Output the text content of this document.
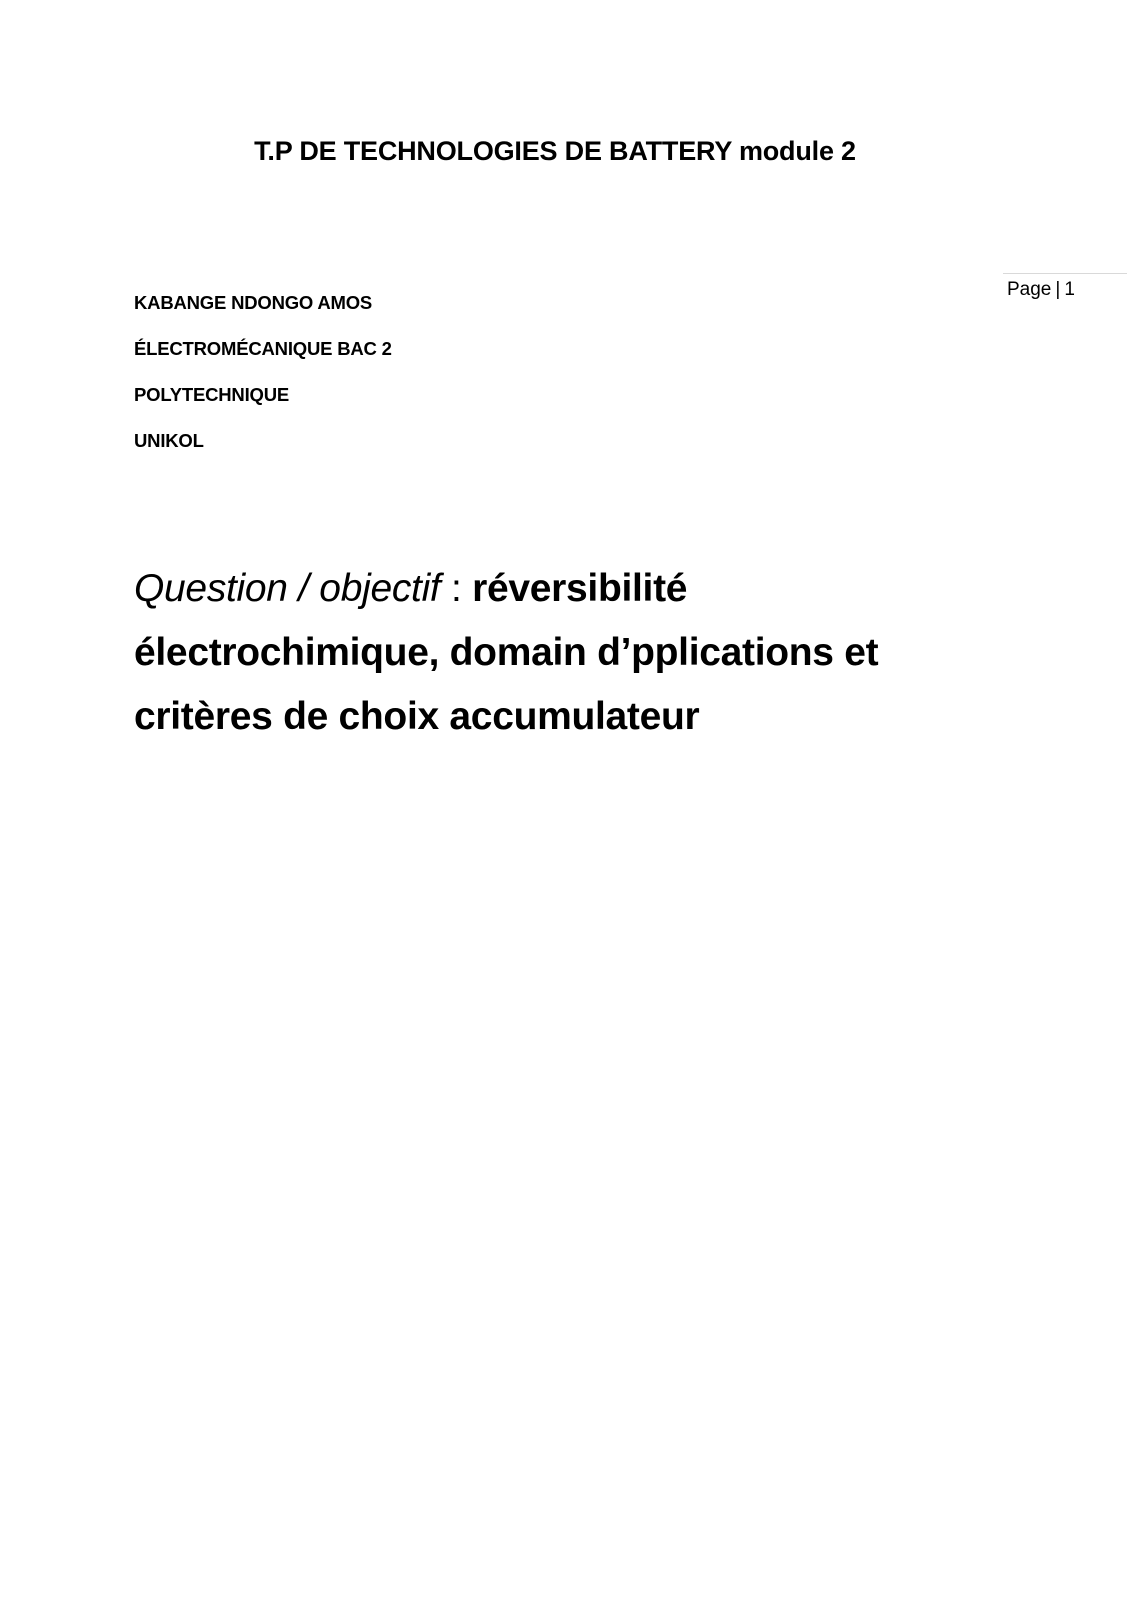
T.P DE TECHNOLOGIES DE BATTERY module 2
Page | 1
KABANGE NDONGO AMOS
ÉLECTROMÉCANIQUE BAC 2
POLYTECHNIQUE
UNIKOL
Question / objectif : réversibilité électrochimique, domain d’pplications et critères de choix accumulateur
